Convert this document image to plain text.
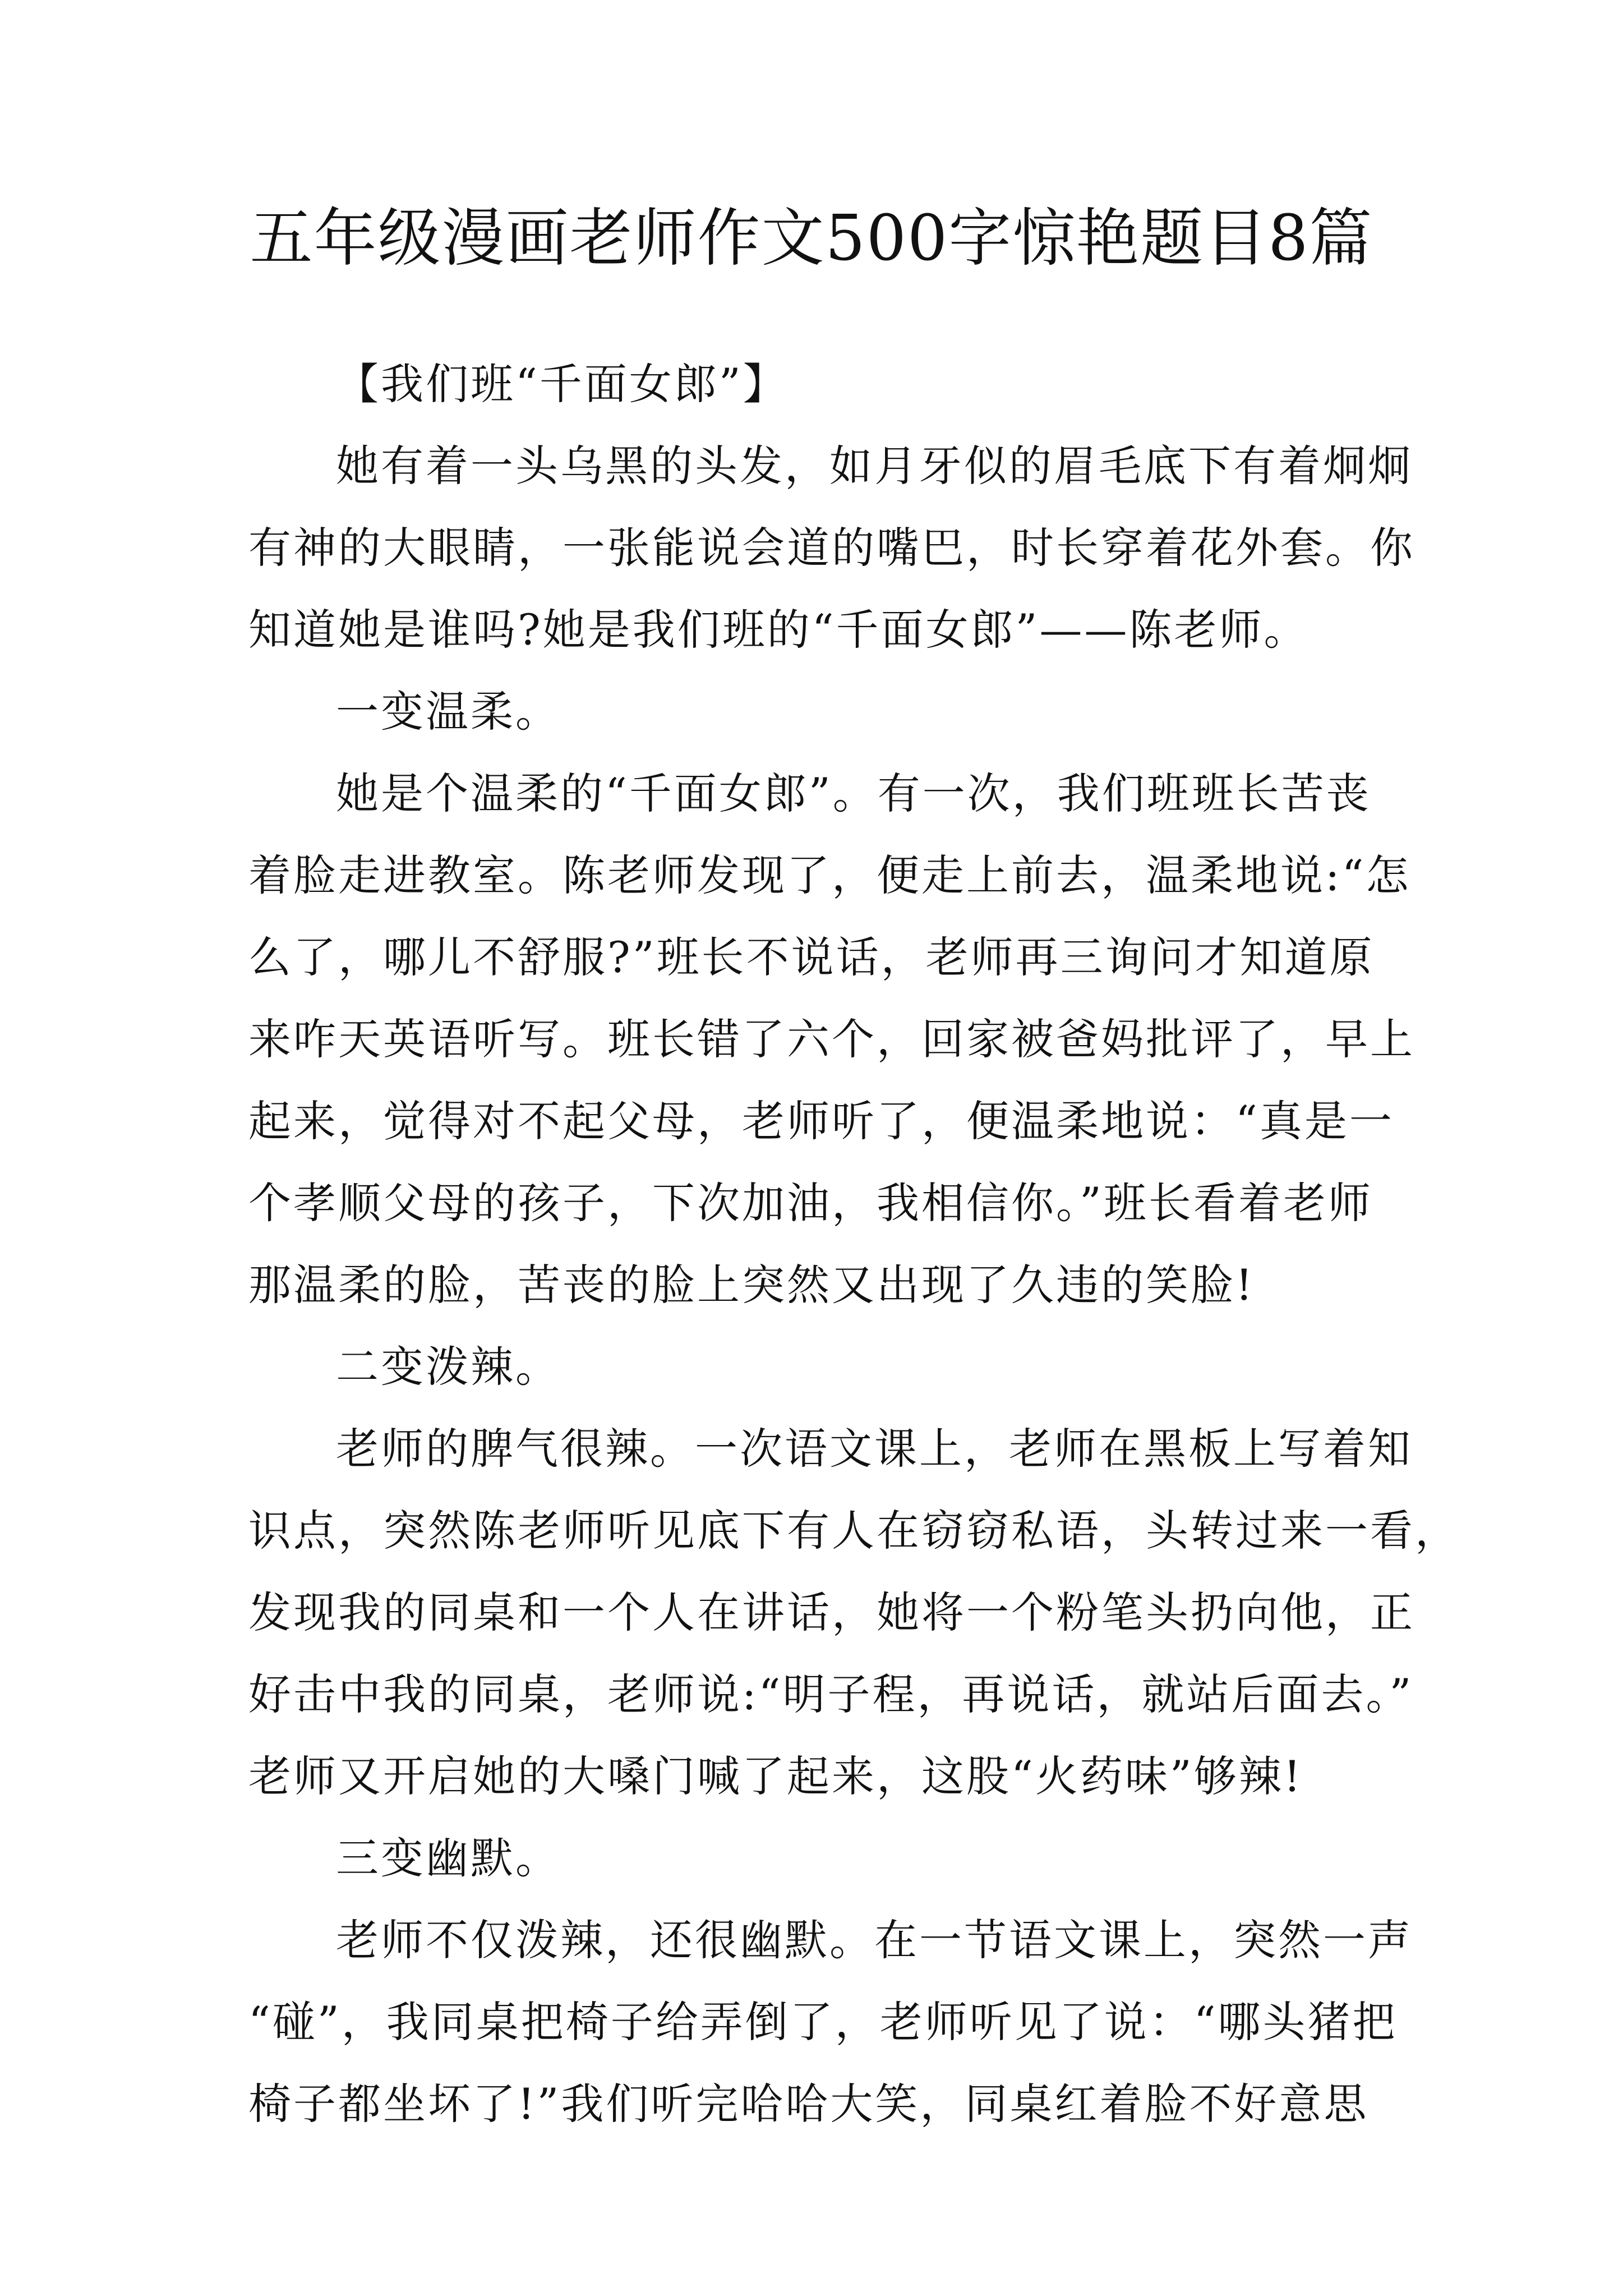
五年级漫画老师作文500字惊艳题目8篇
【我们班“千面女郎”】
她有着一头乌黑的头发，如月牙似的眉毛底下有着炯炯
有神的大眼睛，一张能说会道的嘴巴，时长穿着花外套。你
知道她是谁吗?她是我们班的“千面女郎”——陈老师。
一变温柔。
她是个温柔的“千面女郎”。有一次，我们班班长苦丧
着脸走进教室。陈老师发现了，便走上前去，温柔地说:“怎
么了，哪儿不舒服?”班长不说话，老师再三询问才知道原
来咋天英语听写。班长错了六个，回家被爸妈批评了，早上
起来，觉得对不起父母，老师听了，便温柔地说：“真是一
个孝顺父母的孩子，下次加油，我相信你。”班长看着老师
那温柔的脸，苦丧的脸上突然又出现了久违的笑脸!
二变泼辣。
老师的脾气很辣。一次语文课上，老师在黑板上写着知
识点，突然陈老师听见底下有人在窃窃私语，头转过来一看，
发现我的同桌和一个人在讲话，她将一个粉笔头扔向他，正
好击中我的同桌，老师说:“明子程，再说话，就站后面去。”
老师又开启她的大嗓门喊了起来，这股“火药味”够辣!
三变幽默。
老师不仅泼辣，还很幽默。在一节语文课上，突然一声
“碰”，我同桌把椅子给弄倒了，老师听见了说：“哪头猪把
椅子都坐坏了!”我们听完哈哈大笑，同桌红着脸不好意思
